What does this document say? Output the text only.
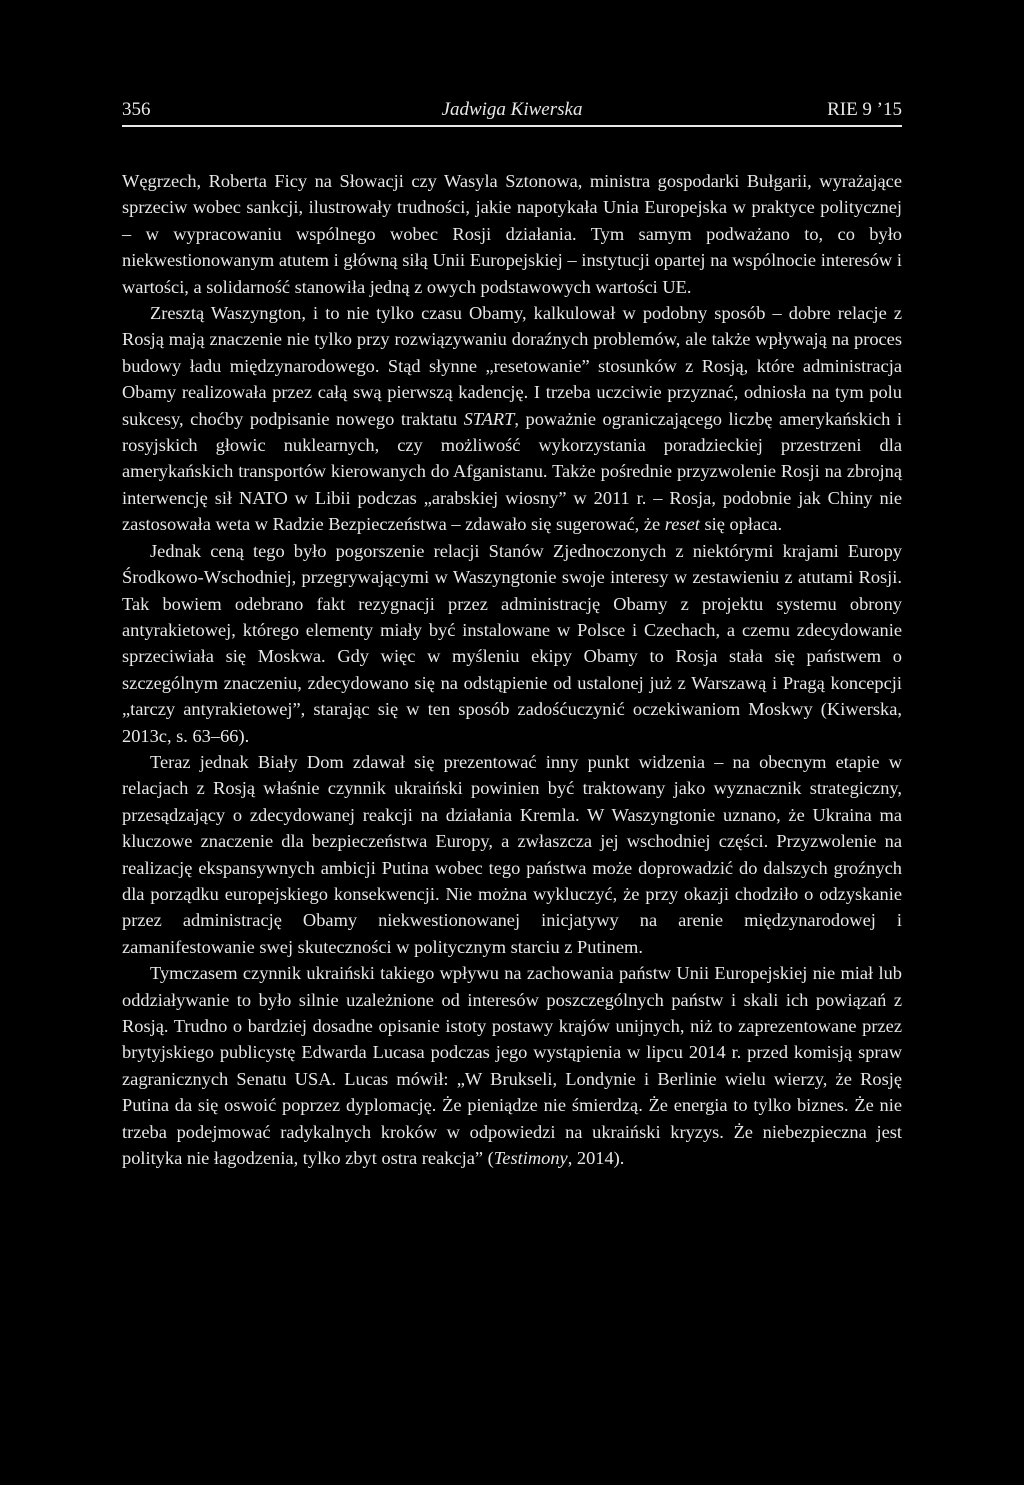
356	Jadwiga Kiwerska	RIE 9 ’15

Węgrzech, Roberta Ficy na Słowacji czy Wasyla Sztonowa, ministra gospodarki Bułgarii, wyrażające sprzeciw wobec sankcji, ilustrowały trudności, jakie napotykała Unia Europejska w praktyce politycznej – w wypracowaniu wspólnego wobec Rosji działania. Tym samym podważano to, co było niekwestionowanym atutem i główną siłą Unii Europejskiej – instytucji opartej na wspólnocie interesów i wartości, a solidarność stanowiła jedną z owych podstawowych wartości UE.

Zresztą Waszyngton, i to nie tylko czasu Obamy, kalkulował w podobny sposób – dobre relacje z Rosją mają znaczenie nie tylko przy rozwiązywaniu doraźnych problemów, ale także wpływają na proces budowy ładu międzynarodowego. Stąd słynne „resetowanie” stosunków z Rosją, które administracja Obamy realizowała przez całą swą pierwszą kadencję. I trzeba uczciwie przyznać, odniosła na tym polu sukcesy, choćby podpisanie nowego traktatu START, poważnie ograniczającego liczbę amerykańskich i rosyjskich głowic nuklearnych, czy możliwość wykorzystania poradzieckiej przestrzeni dla amerykańskich transportów kierowanych do Afganistanu. Także pośrednie przyzwolenie Rosji na zbrojną interwencję sił NATO w Libii podczas „arabskiej wiosny” w 2011 r. – Rosja, podobnie jak Chiny nie zastosowała weta w Radzie Bezpieczeństwa – zdawało się sugerować, że reset się opłaca.

Jednak ceną tego było pogorszenie relacji Stanów Zjednoczonych z niektórymi krajami Europy Środkowo-Wschodniej, przegrywającymi w Waszyngtonie swoje interesy w zestawieniu z atutami Rosji. Tak bowiem odebrano fakt rezygnacji przez administrację Obamy z projektu systemu obrony antyrakietowej, którego elementy miały być instalowane w Polsce i Czechach, a czemu zdecydowanie sprzeciwiała się Moskwa. Gdy więc w myśleniu ekipy Obamy to Rosja stała się państwem o szczególnym znaczeniu, zdecydowano się na odstąpienie od ustalonej już z Warszawą i Pragą koncepcji „tarczy antyrakietowej”, starając się w ten sposób zadośćuczynić oczekiwaniom Moskwy (Kiwerska, 2013c, s. 63–66).

Teraz jednak Biały Dom zdawał się prezentować inny punkt widzenia – na obecnym etapie w relacjach z Rosją właśnie czynnik ukraiński powinien być traktowany jako wyznacznik strategiczny, przesądzający o zdecydowanej reakcji na działania Kremla. W Waszyngtonie uznano, że Ukraina ma kluczowe znaczenie dla bezpieczeństwa Europy, a zwłaszcza jej wschodniej części. Przyzwolenie na realizację ekspansywnych ambicji Putina wobec tego państwa może doprowadzić do dalszych groźnych dla porządku europejskiego konsekwencji. Nie można wykluczyć, że przy okazji chodziło o odzyskanie przez administrację Obamy niekwestionowanej inicjatywy na arenie międzynarodowej i zamanifestowanie swej skuteczności w politycznym starciu z Putinem.

Tymczasem czynnik ukraiński takiego wpływu na zachowania państw Unii Europejskiej nie miał lub oddziaływanie to było silnie uzależnione od interesów poszczególnych państw i skali ich powiązań z Rosją. Trudno o bardziej dosadne opisanie istoty postawy krajów unijnych, niż to zaprezentowane przez brytyjskiego publicystę Edwarda Lucasa podczas jego wystąpienia w lipcu 2014 r. przed komisją spraw zagranicznych Senatu USA. Lucas mówił: „W Brukseli, Londynie i Berlinie wielu wierzy, że Rosję Putina da się oswoić poprzez dyplomację. Że pieniądze nie śmierdzą. Że energia to tylko biznes. Że nie trzeba podejmować radykalnych kroków w odpowiedzi na ukraiński kryzys. Że niebezpieczna jest polityka nie łagodzenia, tylko zbyt ostra reakcja” (Testimony, 2014).
